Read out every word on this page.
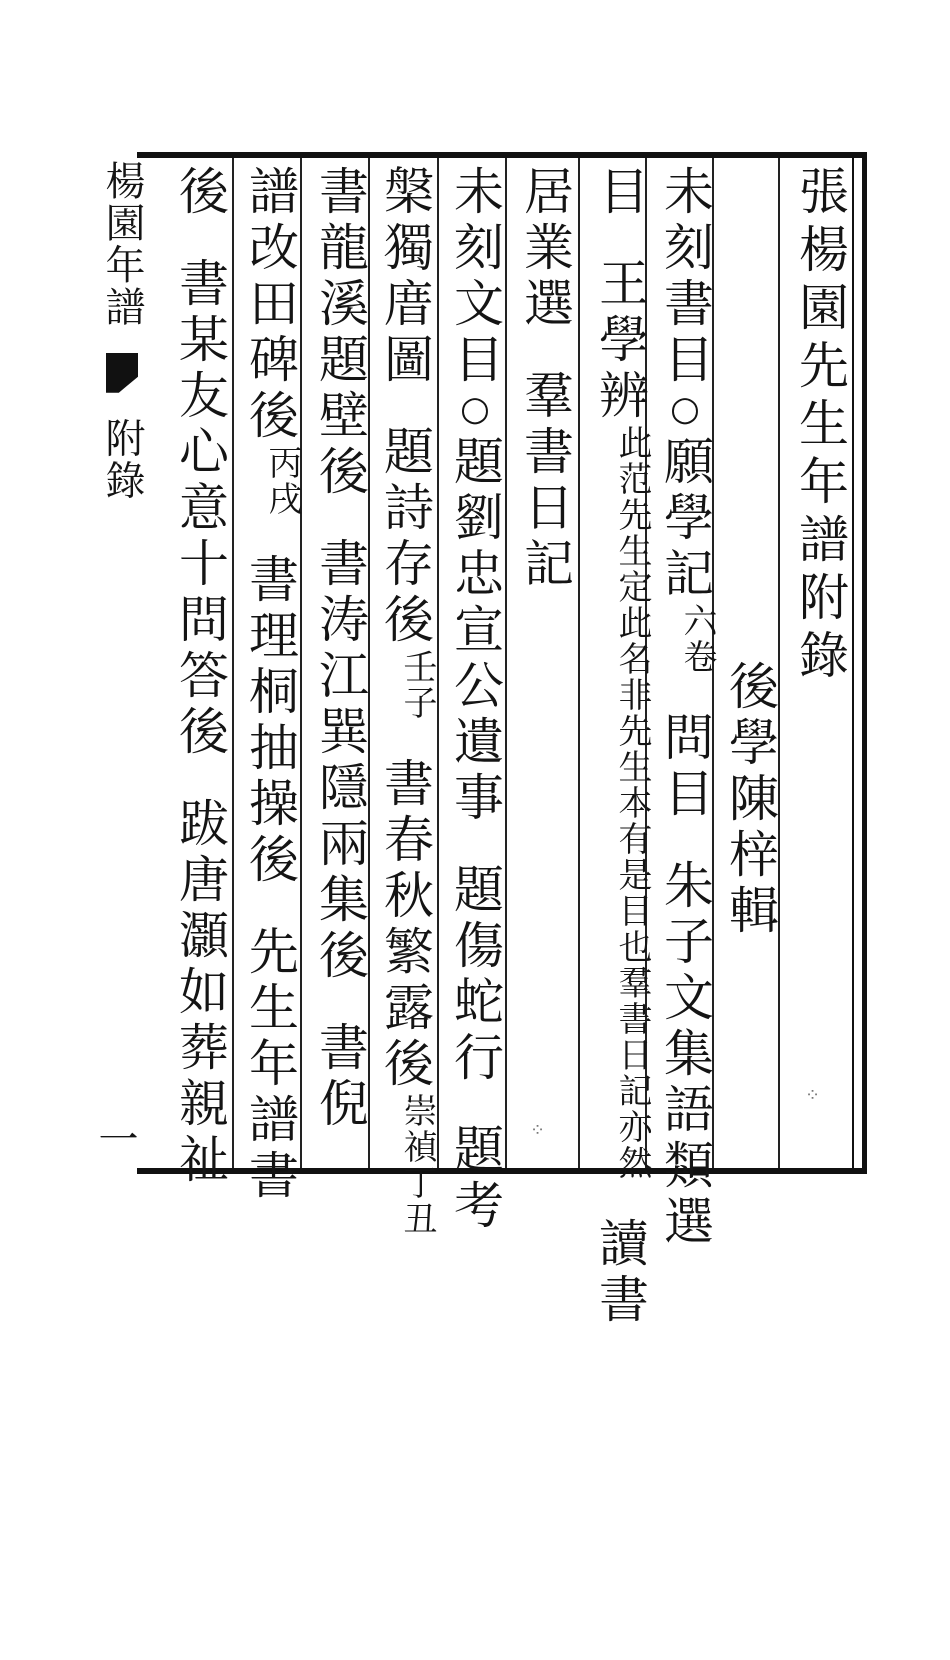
楊園年譜  附錄
一
張楊園先生年譜附錄
後學陳梓輯
未刻書目○願學記六卷問目朱子文集語類選
目王學辨此范先生定此名非先生本有是目也羣書日記亦然讀書
居業選羣書日記
未刻文目○題劉忠宣公遺事題傷蛇行題考
槃獨庴圖題詩存後壬子書春秋繁露後崇禎丁丑
書龍溪題壁後書涛江巽隱兩集後書倪
譜改田碑後丙戌書理桐抽操後先生年譜書
後書某友心意十問答後跋唐灝如葬親祉	⁘
⁘
